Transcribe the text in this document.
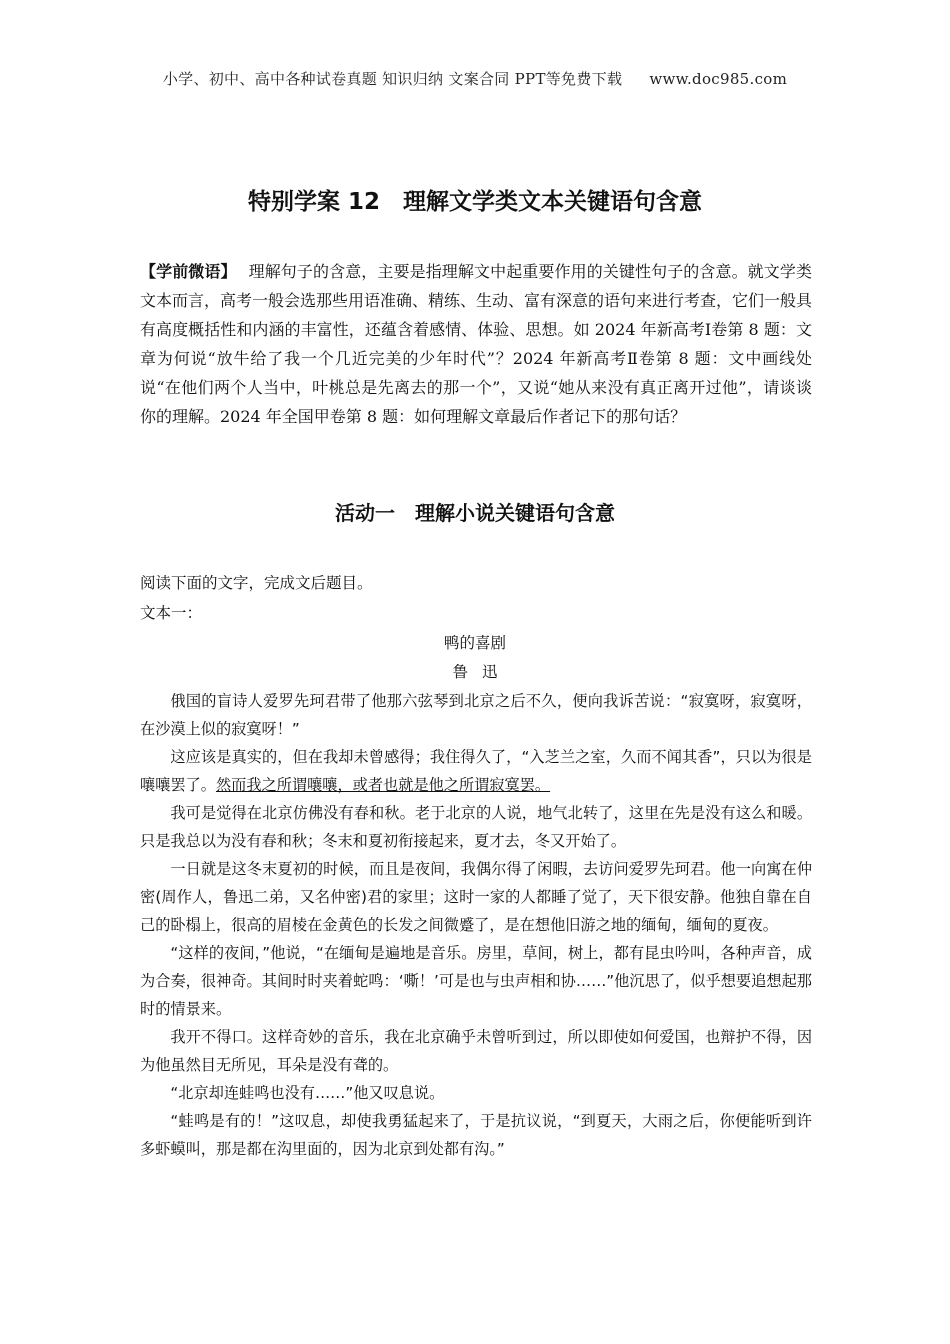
小学、初中、高中各种试卷真题 知识归纳 文案合同 PPT等免费下载 www.doc985.com
特别学案 12　理解文学类文本关键语句含意
【学前微语】 理解句子的含意，主要是指理解文中起重要作用的关键性句子的含意。就文学类文本而言，高考一般会选那些用语准确、精练、生动、富有深意的语句来进行考查，它们一般具有高度概括性和内涵的丰富性，还蕴含着感情、体验、思想。如 2024 年新高考Ⅰ卷第 8 题：文章为何说“放牛给了我一个几近完美的少年时代”？2024 年新高考Ⅱ卷第 8 题：文中画线处说“在他们两个人当中，叶桃总是先离去的那一个”，又说“她从来没有真正离开过他”，请谈谈你的理解。2024 年全国甲卷第 8 题：如何理解文章最后作者记下的那句话？
活动一　理解小说关键语句含意
阅读下面的文字，完成文后题目。
文本一：
鸭的喜剧
鲁迅

俄国的盲诗人爱罗先珂君带了他那六弦琴到北京之后不久，便向我诉苦说：“寂寞呀，寂寞呀，在沙漠上似的寂寞呀！”

这应该是真实的，但在我却未曾感得；我住得久了，“入芝兰之室，久而不闻其香”，只以为很是嚷嚷罢了。然而我之所谓嚷嚷，或者也就是他之所谓寂寞罢。

我可是觉得在北京仿佛没有春和秋。老于北京的人说，地气北转了，这里在先是没有这么和暖。只是我总以为没有春和秋；冬末和夏初衔接起来，夏才去，冬又开始了。

一日就是这冬末夏初的时候，而且是夜间，我偶尔得了闲暇，去访问爱罗先珂君。他一向寓在仲密(周作人，鲁迅二弟，又名仲密)君的家里；这时一家的人都睡了觉了，天下很安静。他独自靠在自己的卧榻上，很高的眉棱在金黄色的长发之间微蹙了，是在想他旧游之地的缅甸，缅甸的夏夜。

“这样的夜间，”他说，“在缅甸是遍地是音乐。房里，草间，树上，都有昆虫吟叫，各种声音，成为合奏，很神奇。其间时时夹着蛇鸣：‘嘶！’可是也与虫声相和协……”他沉思了，似乎想要追想起那时的情景来。

我开不得口。这样奇妙的音乐，我在北京确乎未曾听到过，所以即使如何爱国，也辩护不得，因为他虽然目无所见，耳朵是没有聋的。

“北京却连蛙鸣也没有……”他又叹息说。

“蛙鸣是有的！”这叹息，却使我勇猛起来了，于是抗议说，“到夏天，大雨之后，你便能听到许多虾蟆叫，那是都在沟里面的，因为北京到处都有沟。”
